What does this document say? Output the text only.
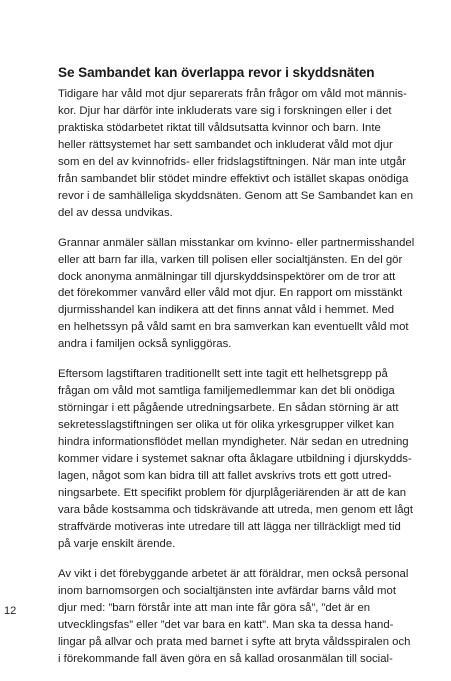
Se Sambandet kan överlappa revor i skyddsnäten

Tidigare har våld mot djur separerats från frågor om våld mot männis-
kor. Djur har därför inte inkluderats vare sig i forskningen eller i det
praktiska stödarbetet riktat till våldsutsatta kvinnor och barn. Inte
heller rättsystemet har sett sambandet och inkluderat våld mot djur
som en del av kvinnofrids- eller fridslagstiftningen. När man inte utgår
från sambandet blir stödet mindre effektivt och istället skapas onödiga
revor i de samhälleliga skyddsnäten. Genom att Se Sambandet kan en
del av dessa undvikas.

Grannar anmäler sällan misstankar om kvinno- eller partnermisshandel
eller att barn far illa, varken till polisen eller socialtjänsten. En del gör
dock anonyma anmälningar till djurskyddsinspektörer om de tror att
det förekommer vanvård eller våld mot djur. En rapport om misstänkt
djurmisshandel kan indikera att det finns annat våld i hemmet. Med
en helhetssyn på våld samt en bra samverkan kan eventuellt våld mot
andra i familjen också synliggöras.

Eftersom lagstiftaren traditionellt sett inte tagit ett helhetsgrepp på
frågan om våld mot samtliga familjemedlemmar kan det bli onödiga
störningar i ett pågående utredningsarbete. En sådan störning är att
sekretesslagstiftningen ser olika ut för olika yrkesgrupper vilket kan
hindra informationsflödet mellan myndigheter. När sedan en utredning
kommer vidare i systemet saknar ofta åklagare utbildning i djurskydds-
lagen, något som kan bidra till att fallet avskrivs trots ett gott utred-
ningsarbete. Ett specifikt problem för djurplågeriärenden är att de kan
vara både kostsamma och tidskrävande att utreda, men genom ett lågt
straffvärde motiveras inte utredare till att lägga ner tillräckligt med tid
på varje enskilt ärende.

Av vikt i det förebyggande arbetet är att föräldrar, men också personal
inom barnomsorgen och socialtjänsten inte avfärdar barns våld mot
djur med: ”barn förstår inte att man inte får göra så”, ”det är en
utvecklingsfas” eller ”det var bara en katt”. Man ska ta dessa hand-
lingar på allvar och prata med barnet i syfte att bryta våldsspiralen och
i förekommande fall även göra en så kallad orosanmälan till social-

12
